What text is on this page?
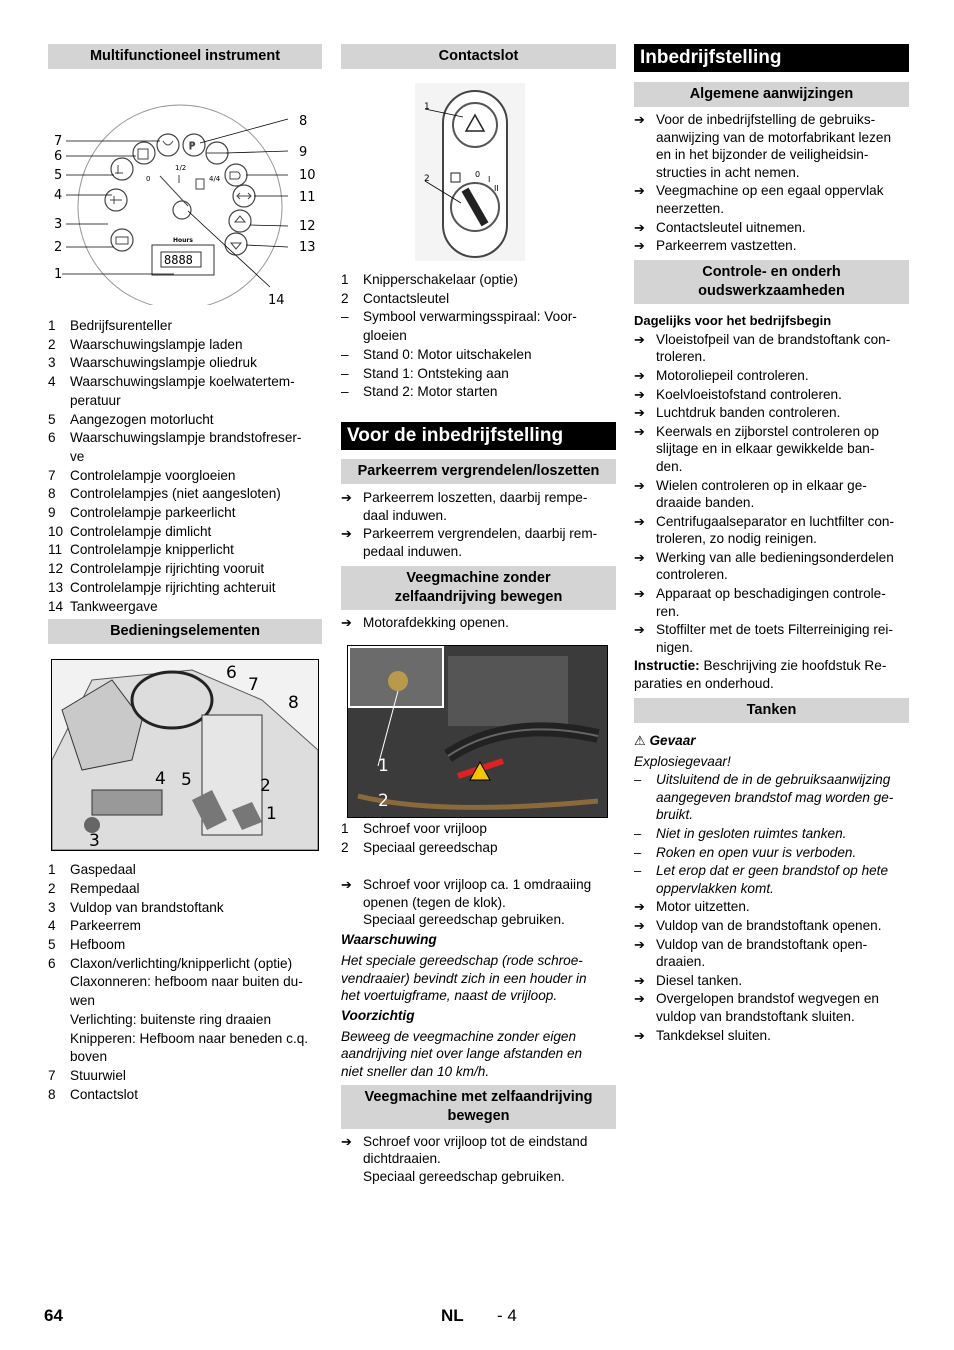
Multifunctioneel instrument
P
0
1/2
4/4
Hours
8888
7
6
5
4
3
2
1
8
9
10
11
12
13
14
1	Bedrijfsurenteller
2	Waarschuwingslampje laden
3	Waarschuwingslampje oliedruk
4	Waarschuwingslampje koelwatertem-
peratuur
5	Aangezogen motorlucht
6	Waarschuwingslampje brandstofreser-
ve
7	Controlelampje voorgloeien
8	Controlelampjes (niet aangesloten)
9	Controlelampje parkeerlicht
10 Controlelampje dimlicht
11 Controlelampje knipperlicht
12 Controlelampje rijrichting vooruit
13 Controlelampje rijrichting achteruit
14 Tankweergave
Bedieningselementen
6
7
8
4 5	2
1
3
1	Gaspedaal
2	Rempedaal
3	Vuldop van brandstoftank
4	Parkeerrem
5	Hefboom
6	Claxon/verlichting/knipperlicht (optie)
Claxonneren: hefboom naar buiten du-
wen
Verlichting: buitenste ring draaien
Knipperen: Hefboom naar beneden c.q.
boven
7	Stuurwiel
8	Contactslot
Contactslot
1
2	0
I
II
1	Knipperschakelaar (optie)
2	Contactsleutel
–	Symbool verwarmingsspiraal: Voor-
gloeien
–	Stand 0: Motor uitschakelen
–	Stand 1: Ontsteking aan
–	Stand 2: Motor starten
Voor de inbedrijfstelling
Parkeerrem vergrendelen/loszetten
➔ Parkeerrem loszetten, daarbij rempe-
daal induwen.
➔ Parkeerrem vergrendelen, daarbij rem-
pedaal induwen.
Veegmachine zonder
zelfaandrijving bewegen
➔ Motorafdekking openen.
1
2
1	Schroef voor vrijloop
2	Speciaal gereedschap
➔ Schroef voor vrijloop ca. 1 omdraaiing
openen (tegen de klok).
Speciaal gereedschap gebruiken.
Waarschuwing
Het speciale gereedschap (rode schroe-
vendraaier) bevindt zich in een houder in
het voertuigframe, naast de vrijloop.
Voorzichtig
Beweeg de veegmachine zonder eigen
aandrijving niet over lange afstanden en
niet sneller dan 10 km/h.
Veegmachine met zelfaandrijving
bewegen
➔ Schroef voor vrijloop tot de eindstand
dichtdraaien.
Speciaal gereedschap gebruiken.
Inbedrijfstelling
Algemene aanwijzingen
➔ Voor de inbedrijfstelling de gebruiks-
aanwijzing van de motorfabrikant lezen
en in het bijzonder de veiligheidsin-
structies in acht nemen.
➔ Veegmachine op een egaal oppervlak
neerzetten.
➔ Contactsleutel uitnemen.
➔ Parkeerrem vastzetten.
Controle- en onderh
oudswerkzaamheden
Dagelijks voor het bedrijfsbegin
➔ Vloeistofpeil van de brandstoftank con-
troleren.
➔ Motoroliepeil controleren.
➔ Koelvloeistofstand controleren.
➔ Luchtdruk banden controleren.
➔ Keerwals en zijborstel controleren op
slijtage en in elkaar gewikkelde ban-
den.
➔ Wielen controleren op in elkaar ge-
draaide banden.
➔ Centrifugaalseparator en luchtfilter con-
troleren, zo nodig reinigen.
➔ Werking van alle bedieningsonderdelen
controleren.
➔ Apparaat op beschadigingen controle-
ren.
➔ Stoffilter met de toets Filterreiniging rei-
nigen.
Instructie: Beschrijving zie hoofdstuk Re-
paraties en onderhoud.
Tanken
⚠ Gevaar
Explosiegevaar!
–	Uitsluitend de in de gebruiksaanwijzing
aangegeven brandstof mag worden ge-
bruikt.
–	Niet in gesloten ruimtes tanken.
–	Roken en open vuur is verboden.
–	Let erop dat er geen brandstof op hete
oppervlakken komt.
➔ Motor uitzetten.
➔ Vuldop van de brandstoftank openen.
➔ Vuldop van de brandstoftank open-
draaien.
➔ Diesel tanken.
➔ Overgelopen brandstof wegvegen en
vuldop van brandstoftank sluiten.
➔ Tankdeksel sluiten.
64	NL - 4
